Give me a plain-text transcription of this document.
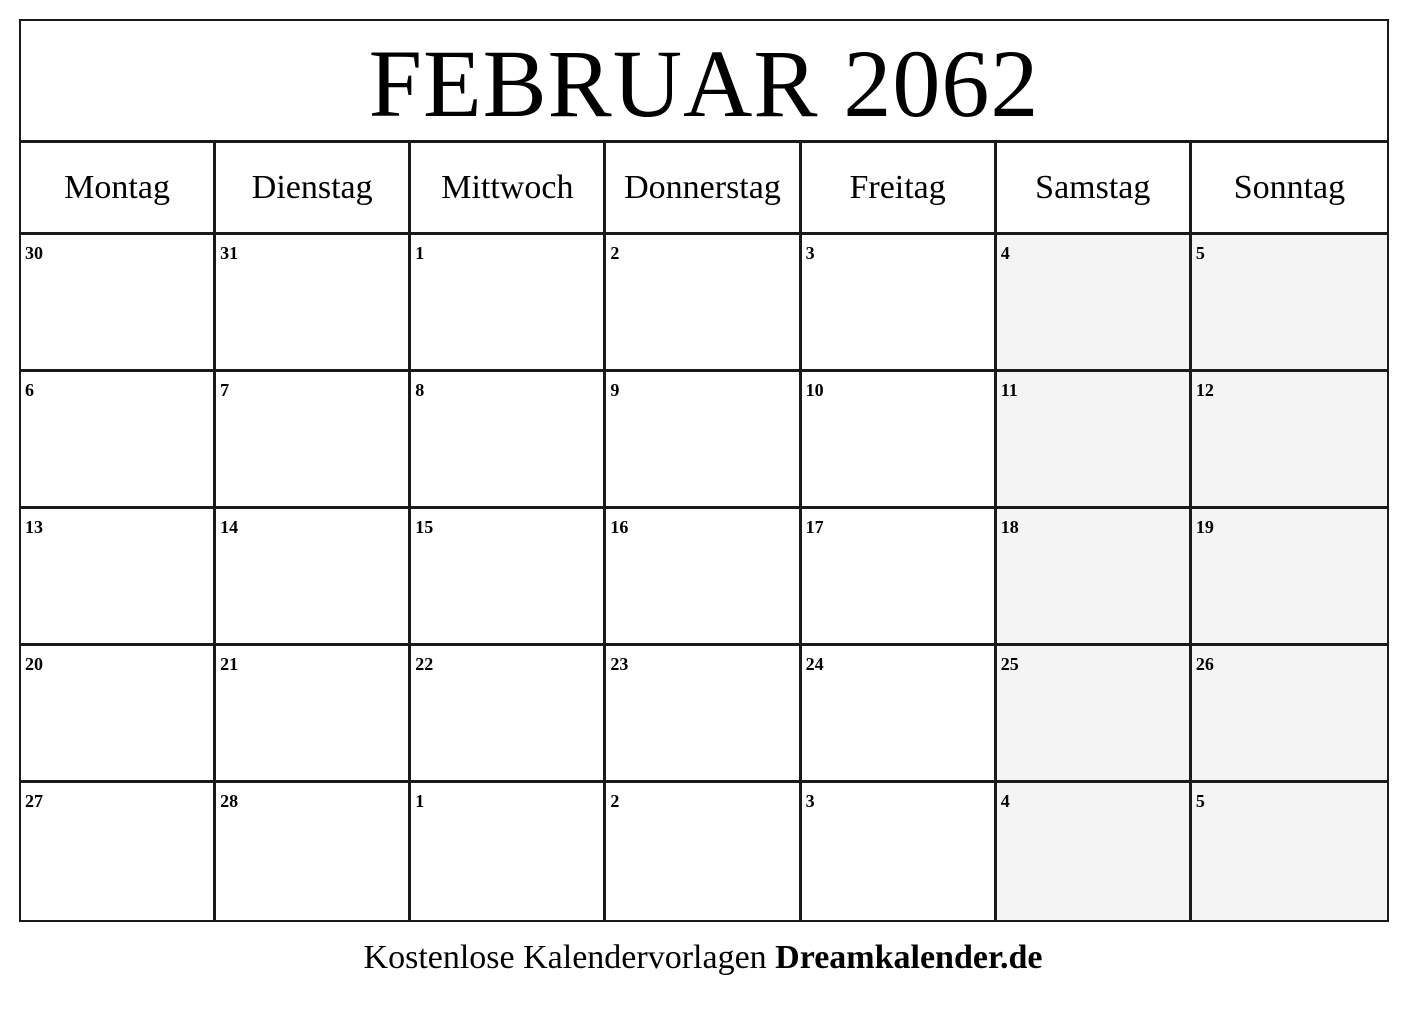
FEBRUAR 2062
Montag	Dienstag	Mittwoch	Donnerstag	Freitag	Samstag	Sonntag
30	31	1	2	3	4	5
6	7	8	9	10	11	12
13	14	15	16	17	18	19
20	21	22	23	24	25	26
27	28	1	2	3	4	5
Kostenlose Kalendervorlagen Dreamkalender.de
